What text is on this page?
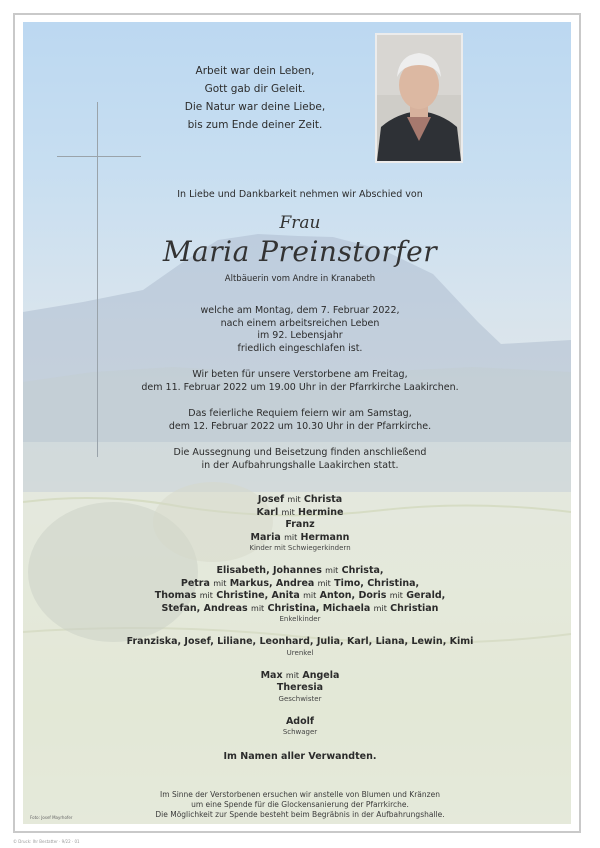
Arbeit war dein Leben,
Gott gab dir Geleit.
Die Natur war deine Liebe,
bis zum Ende deiner Zeit.
In Liebe und Dankbarkeit nehmen wir Abschied von
Frau
Maria Preinstorfer
Altbäuerin vom Andre in Kranabeth
welche am Montag, dem 7. Februar 2022,
nach einem arbeitsreichen Leben
im 92. Lebensjahr
friedlich eingeschlafen ist.
Wir beten für unsere Verstorbene am Freitag,
dem 11. Februar 2022 um 19.00 Uhr in der Pfarrkirche Laakirchen.
Das feierliche Requiem feiern wir am Samstag,
dem 12. Februar 2022 um 10.30 Uhr in der Pfarrkirche.
Die Aussegnung und Beisetzung finden anschließend
in der Aufbahrungshalle Laakirchen statt.
Josef mit Christa
Karl mit Hermine
Franz
Maria mit Hermann
Kinder mit Schwiegerkindern
Elisabeth, Johannes mit Christa,
Petra mit Markus, Andrea mit Timo, Christina,
Thomas mit Christine, Anita mit Anton, Doris mit Gerald,
Stefan, Andreas mit Christina, Michaela mit Christian
Enkelkinder
Franziska, Josef, Liliane, Leonhard, Julia, Karl, Liana, Lewin, Kimi
Urenkel
Max mit Angela
Theresia
Geschwister
Adolf
Schwager
Im Namen aller Verwandten.
Im Sinne der Verstorbenen ersuchen wir anstelle von Blumen und Kränzen
um eine Spende für die Glockensanierung der Pfarrkirche.
Die Möglichkeit zur Spende besteht beim Begräbnis in der Aufbahrungshalle.
Foto: Josef Mayrhofer
© Druck: Ihr Bestatter · 9/22 · 01
